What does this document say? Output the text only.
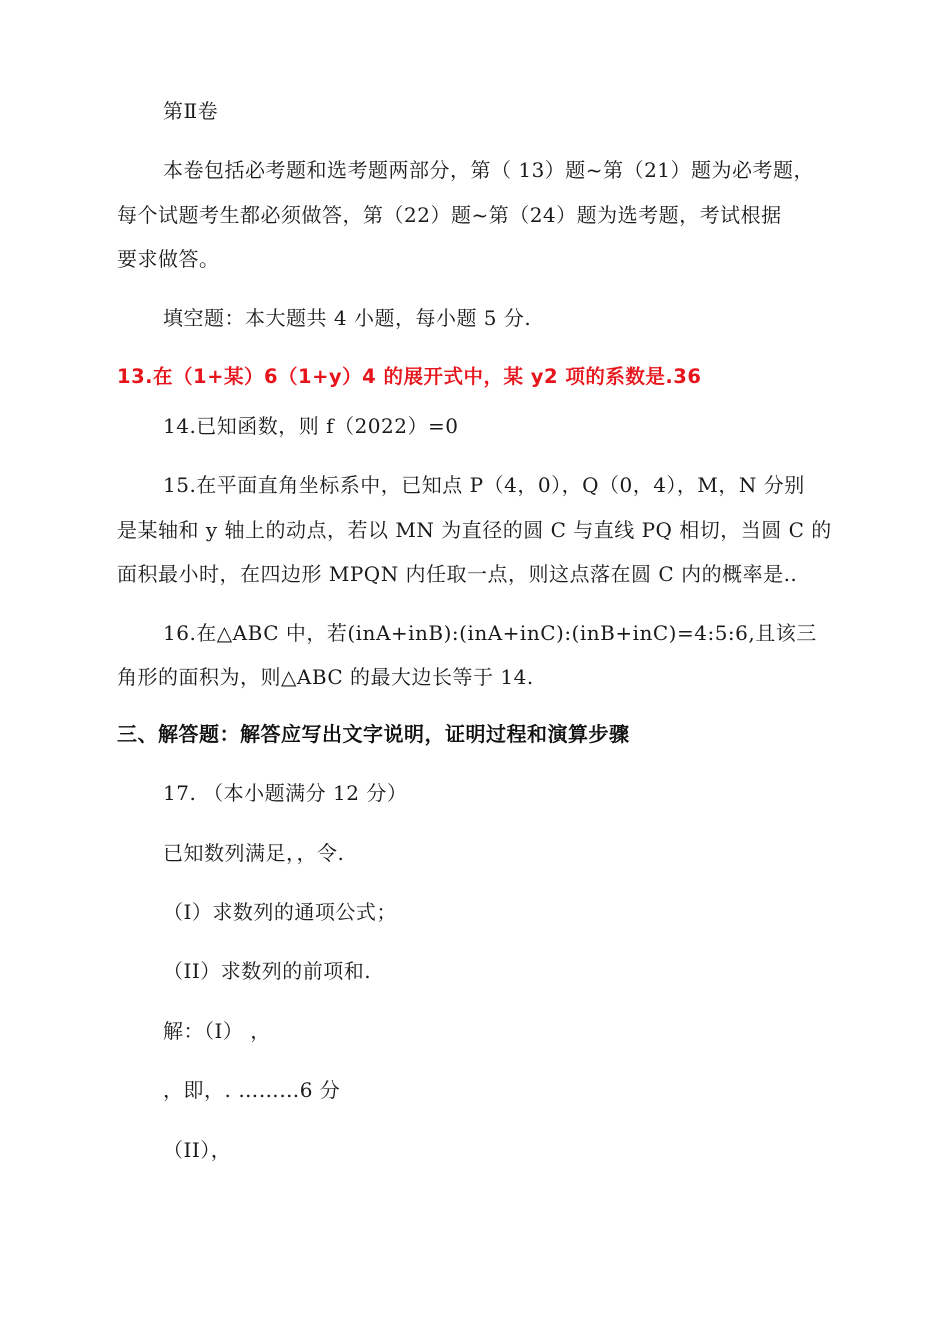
第Ⅱ卷
本卷包括必考题和选考题两部分，第（ 13）题~第（21）题为必考题，
每个试题考生都必须做答，第（22）题~第（24）题为选考题，考试根据
要求做答。
填空题：本大题共 4 小题，每小题 5 分.
13.在（1+某）6（1+y）4 的展开式中，某 y2 项的系数是.36
14.已知函数，则 f（2022）=0
15.在平面直角坐标系中，已知点 P（4，0），Q（0，4），M，N 分别
是某轴和 y 轴上的动点，若以 MN 为直径的圆 C 与直线 PQ 相切，当圆 C 的
面积最小时，在四边形 MPQN 内任取一点，则这点落在圆 C 内的概率是..
16.在△ABC 中，若(inA+inB):(inA+inC):(inB+inC)=4:5:6,且该三
角形的面积为，则△ABC 的最大边长等于 14.
三、解答题：解答应写出文字说明，证明过程和演算步骤
17. （本小题满分 12 分）
已知数列满足，，令.
（Ⅰ）求数列的通项公式；
（II）求数列的前项和.
解：（Ⅰ） ，
，即，. ………6 分
（II），
